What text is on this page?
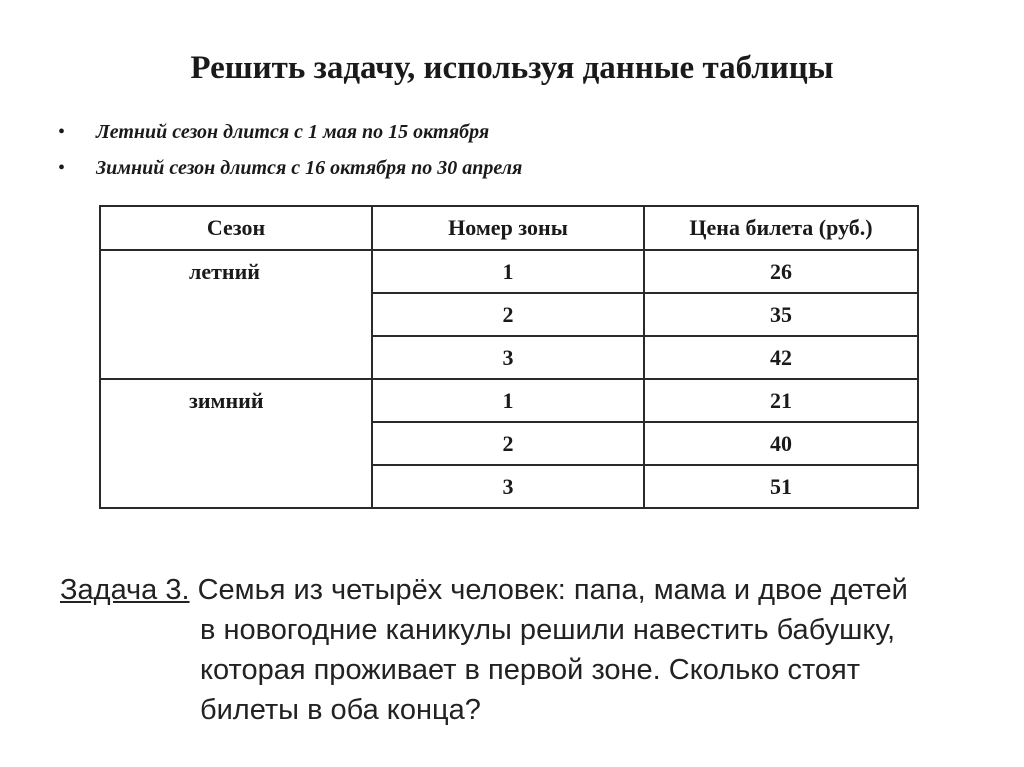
Решить задачу, используя данные таблицы
• Летний сезон длится с 1 мая по 15 октября
• Зимний сезон длится с 16 октября по 30 апреля
Сезон	Номер зоны	Цена билета (руб.)
летний	1	26
	2	35
	3	42
зимний	1	21
	2	40
	3	51
Задача 3. Семья из четырёх человек: папа, мама и двое детей
в новогодние каникулы решили навестить бабушку,
которая проживает в первой зоне. Сколько стоят
билеты в оба конца?
